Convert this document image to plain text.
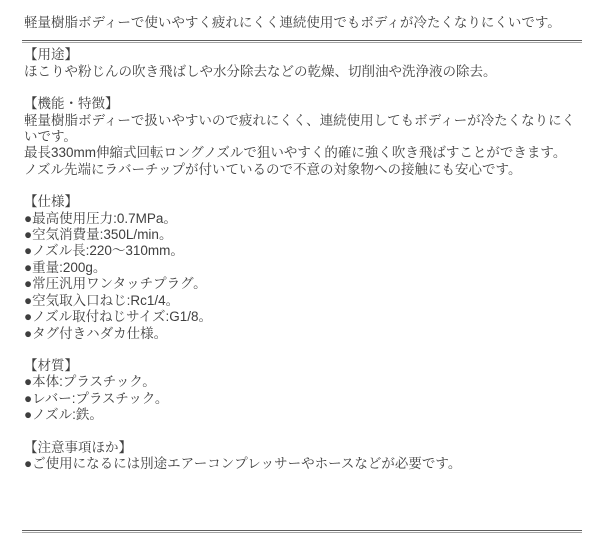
軽量樹脂ボディーで使いやすく疲れにくく連続使用でもボディが冷たくなりにくいです。

【用途】

ほこりや粉じんの吹き飛ばしや水分除去などの乾燥、切削油や洗浄液の除去。

【機能・特徴】

軽量樹脂ボディーで扱いやすいので疲れにくく、連続使用してもボディーが冷たくなりにくいです。

最長330mm伸縮式回転ロングノズルで狙いやすく的確に強く吹き飛ばすことができます。

ノズル先端にラバーチップが付いているので不意の対象物への接触にも安心です。

【仕様】

●最高使用圧力:0.7MPa。

●空気消費量:350L/min。

●ノズル長:220〜310mm。

●重量:200g。

●常圧汎用ワンタッチプラグ。

●空気取入口ねじ:Rc1/4。

●ノズル取付ねじサイズ:G1/8。

●タグ付きハダカ仕様。

【材質】

●本体:プラスチック。

●レバー:プラスチック。

●ノズル:鉄。

【注意事項ほか】

●ご使用になるには別途エアーコンプレッサーやホースなどが必要です。
